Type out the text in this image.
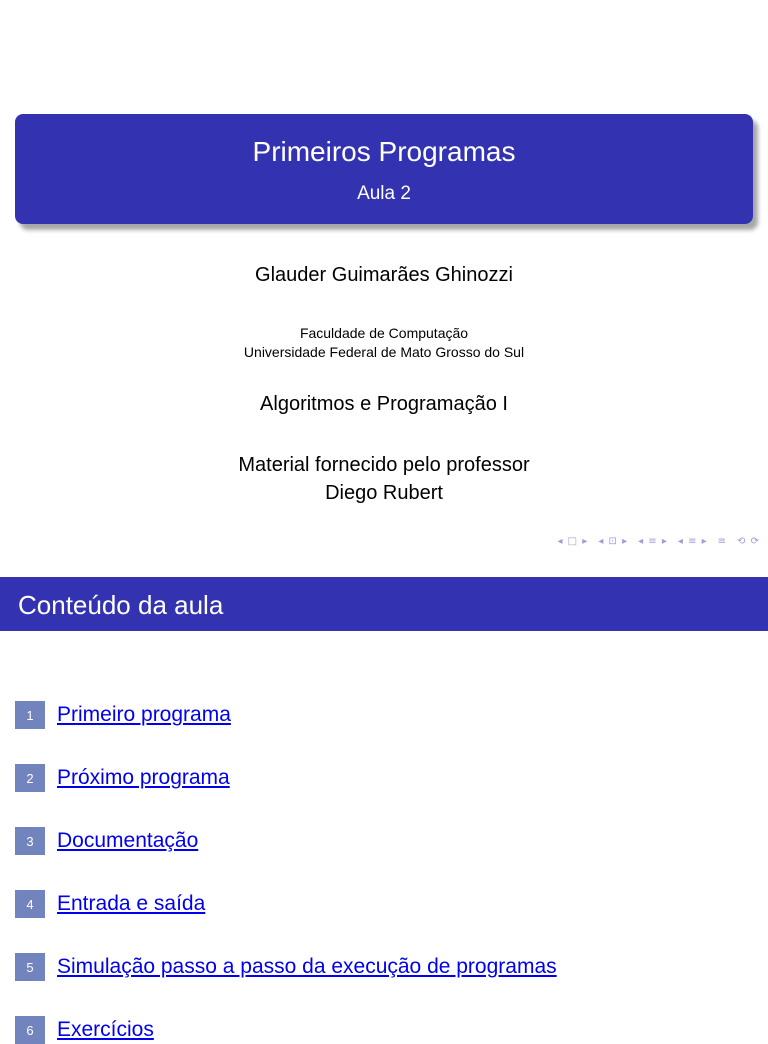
Primeiros Programas
Aula 2
Glauder Guimarães Ghinozzi
Faculdade de Computação
Universidade Federal de Mato Grosso do Sul
Algoritmos e Programação I
Material fornecido pelo professor
Diego Rubert
◂ □ ▸ ◂ ⊡ ▸ ◂ ≡ ▸ ◂ ≡ ▸ ≡ ⟲ ⟳
Conteúdo da aula
1	Primeiro programa
2	Próximo programa
3	Documentação
4	Entrada e saída
5	Simulação passo a passo da execução de programas
6	Exercícios
